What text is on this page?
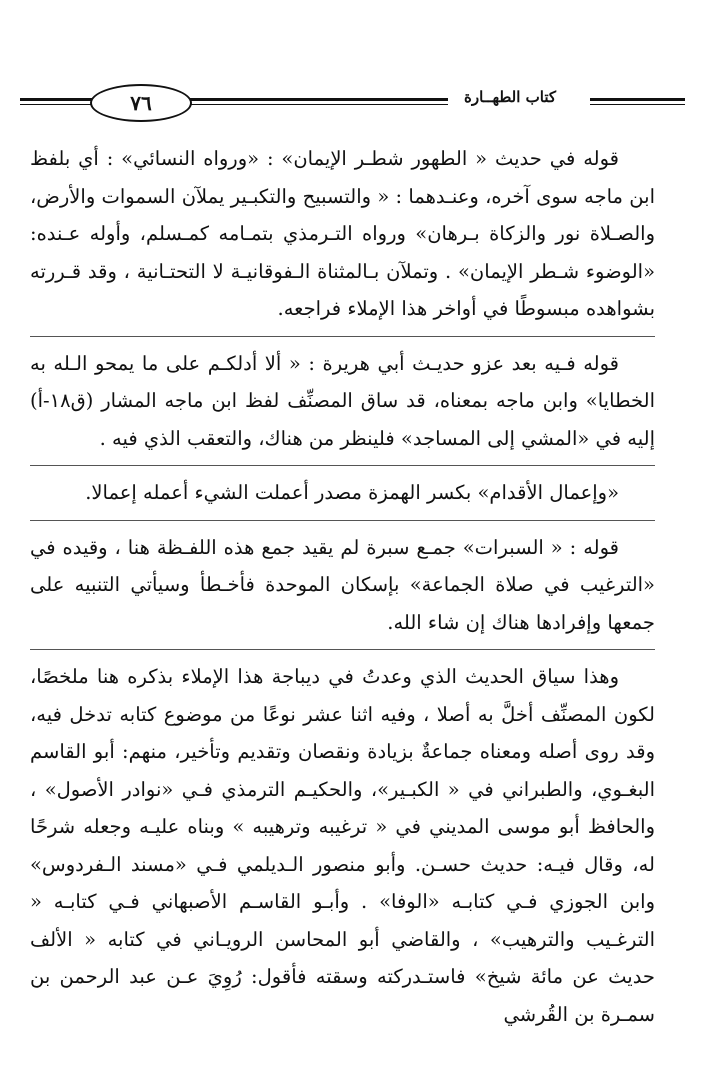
٧٦	كتاب الطهــارة

قوله في حديث « الطهور شطـر الإيمان» : «ورواه النسائي» : أي بلفظ ابن ماجه سوى آخره، وعنـدهما : « والتسبيح والتكبـير يملآن السموات والأرض، والصـلاة نور والزكاة بـرهان» ورواه التـرمذي بتمـامه كمـسلم، وأوله عـنده: «الوضوء شـطر الإيمان» . وتملآن بـالمثناة الـفوقانيـة لا التحتـانية ، وقد قـررته بشواهده مبسوطًا في أواخر هذا الإملاء فراجعه.

قوله فـيه بعد عزو حديـث أبي هريرة : « ألا أدلكـم على ما يمحو الـله به الخطايا» وابن ماجه بمعناه، قد ساق المصنِّف لفظ ابن ماجه المشار (ق١٨-أ) إليه في «المشي إلى المساجد» فلينظر من هناك، والتعقب الذي فيه .

«وإعمال الأقدام» بكسر الهمزة مصدر أعملت الشيء أعمله إعمالا.

قوله : « السبرات» جمـع سبرة لم يقيد جمع هذه اللفـظة هنا ، وقيده في «الترغيب في صلاة الجماعة» بإسكان الموحدة فأخـطأ وسيأتي التنبيه على جمعها وإفرادها هناك إن شاء الله.

وهذا سياق الحديث الذي وعدتُ في ديباجة هذا الإملاء بذكره هنا ملخصًا، لكون المصنِّف أخلَّ به أصلا ، وفيه اثنا عشر نوعًا من موضوع كتابه تدخل فيه، وقد روى أصله ومعناه جماعةٌ بزيادة ونقصان وتقديم وتأخير، منهم: أبو القاسم البغـوي، والطبراني في « الكبـير»، والحكيـم الترمذي فـي «نوادر الأصول» ، والحافظ أبو موسى المديني في « ترغيبه وترهيبه » وبناه عليـه وجعله شرحًا له، وقال فيـه: حديث حسـن. وأبو منصور الـديلمي فـي «مسند الـفردوس» وابن الجوزي فـي كتابـه «الوفا» . وأبـو القاسـم الأصبهاني فـي كتابـه « الترغـيب والترهيب» ، والقاضي أبو المحاسن الرويـاني في كتابه « الألف حديث عن مائة شيخ» فاستـدركته وسقته فأقول: رُوِيَ عـن عبد الرحمن بن سمـرة بن القُرشي
